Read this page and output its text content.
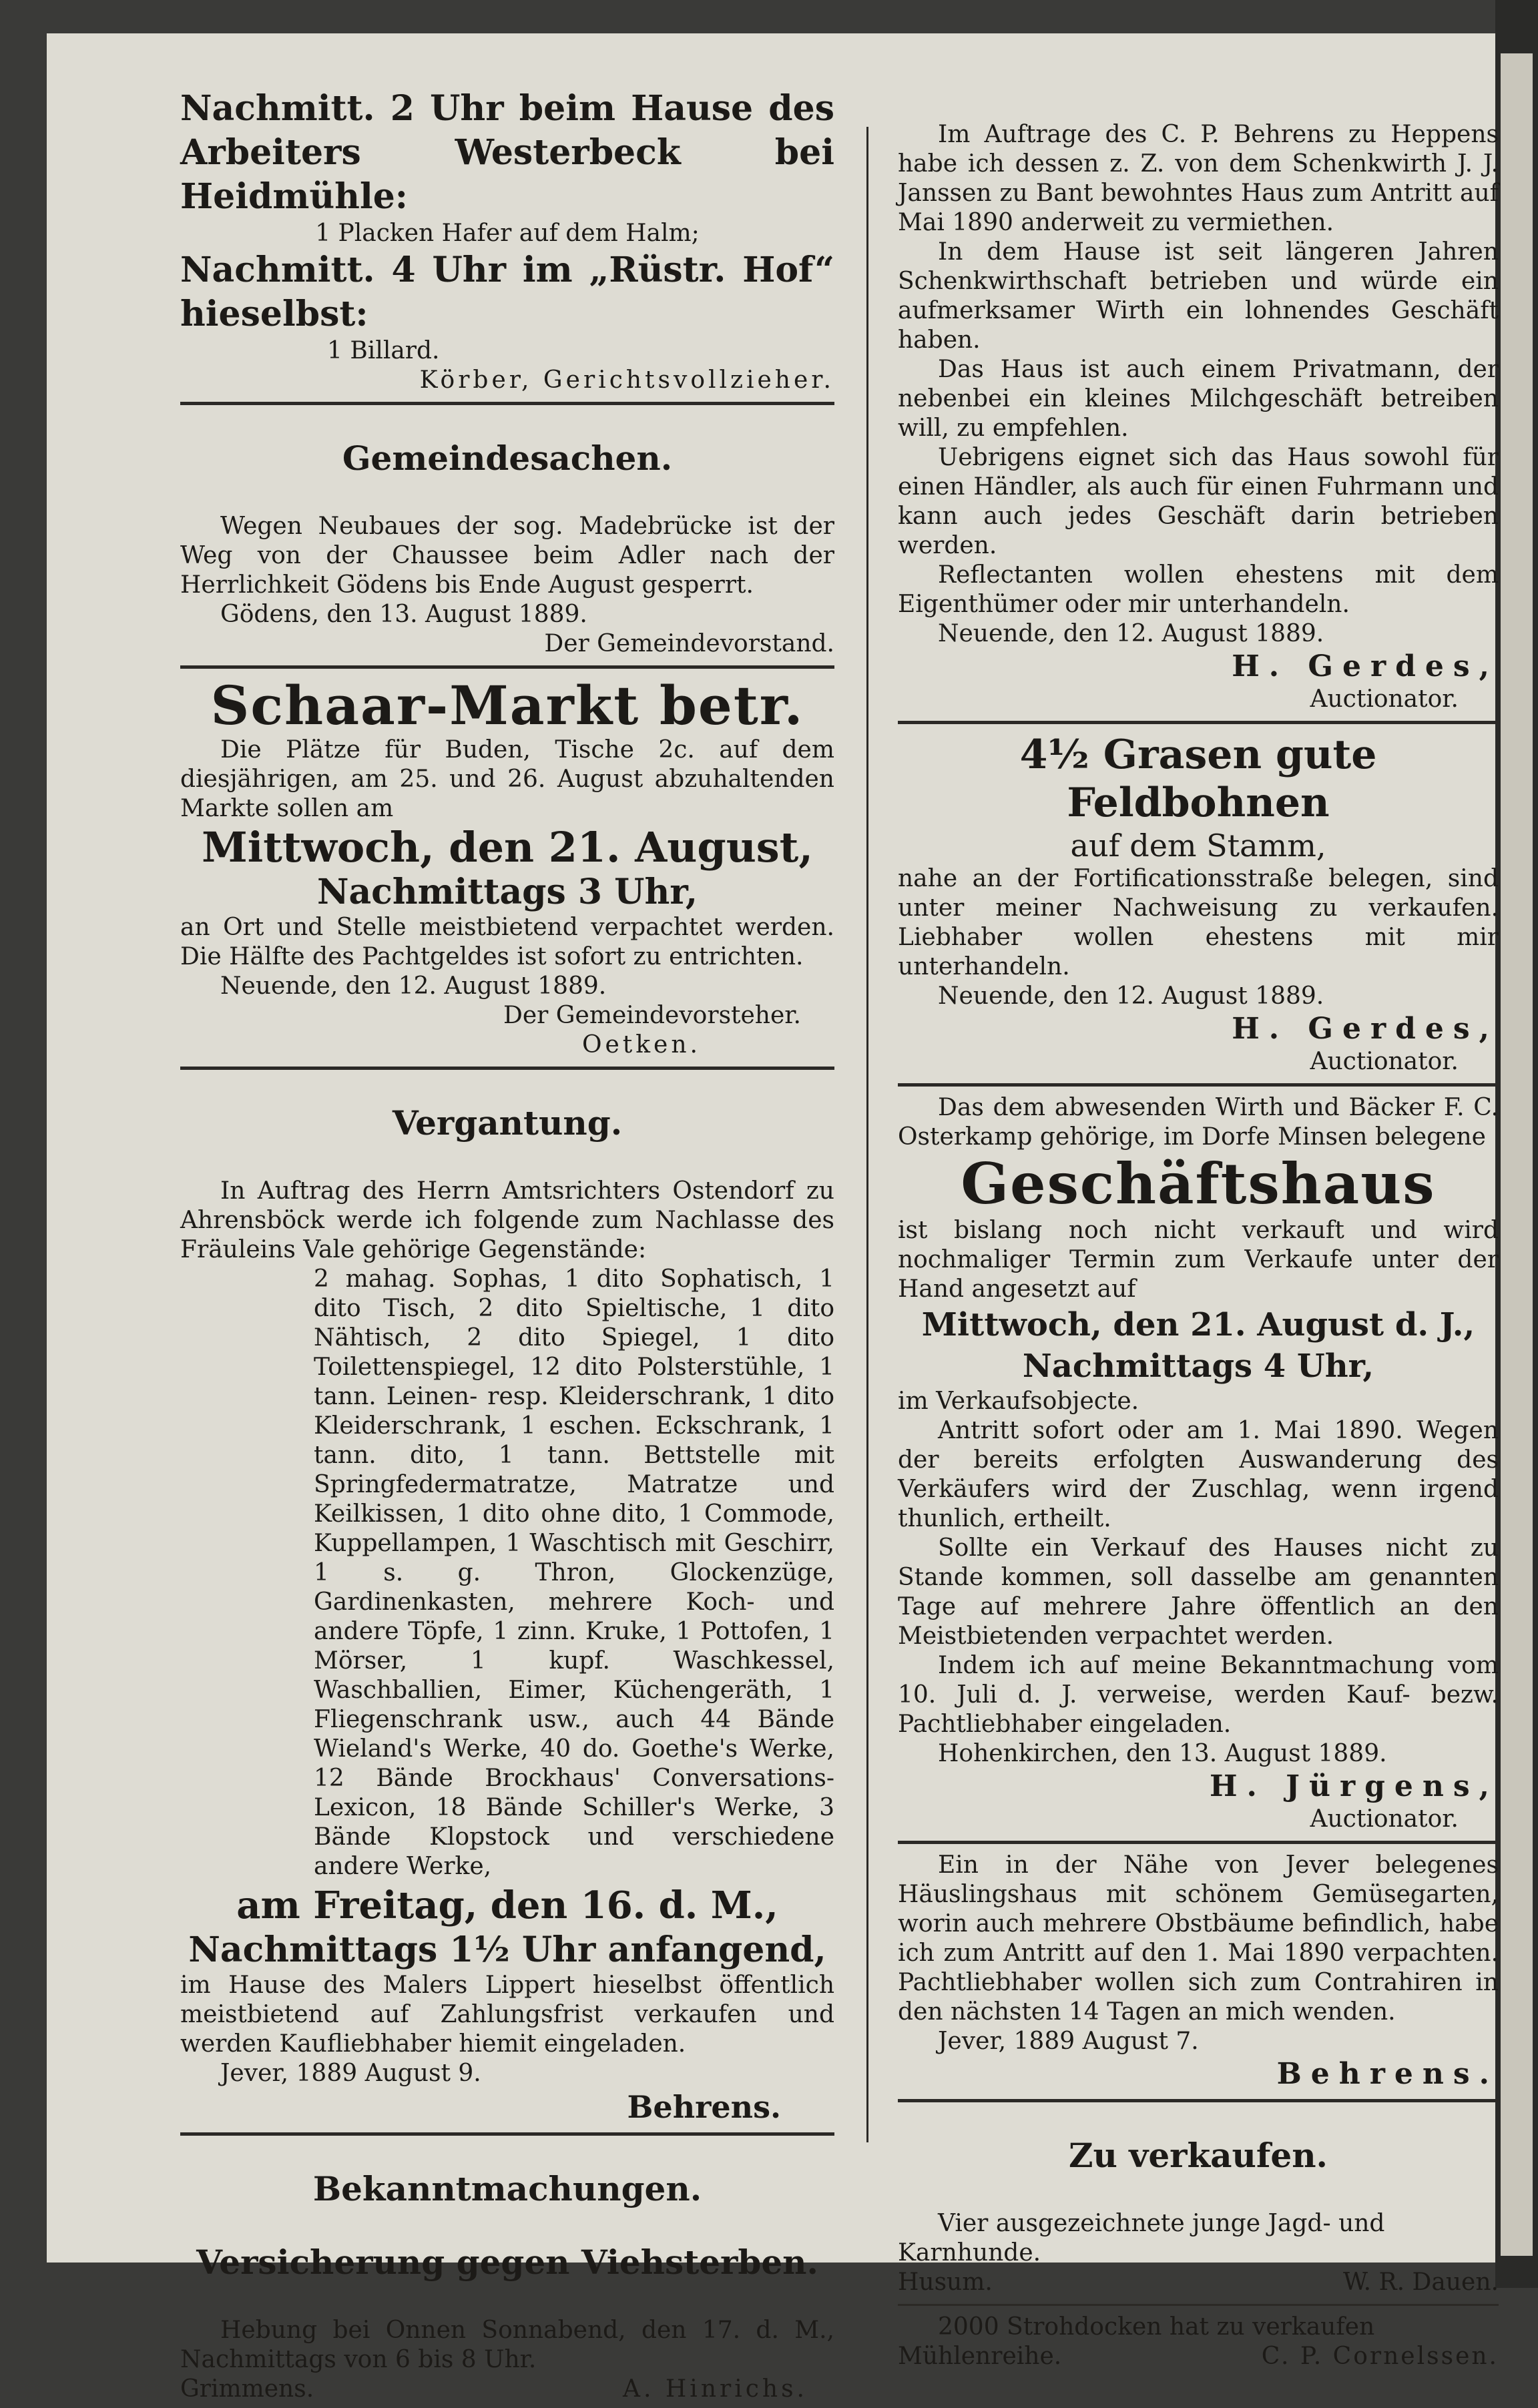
Nachmitt. 2 Uhr beim Hause des Arbeiters Westerbeck bei Heidmühle:

1 Placken Hafer auf dem Halm;

Nachmitt. 4 Uhr im „Rüstr. Hof“ hieselbst:

1 Billard.

Körber, Gerichtsvollzieher.

Gemeindesachen.

Wegen Neubaues der sog. Madebrücke ist der Weg von der Chaussee beim Adler nach der Herrlichkeit Gödens bis Ende August gesperrt.

Gödens, den 13. August 1889.

Der Gemeindevorstand.

Schaar-Markt betr.

Die Plätze für Buden, Tische 2c. auf dem diesjährigen, am 25. und 26. August abzuhaltenden Markte sollen am

Mittwoch, den 21. August,

Nachmittags 3 Uhr,

an Ort und Stelle meistbietend verpachtet werden. Die Hälfte des Pachtgeldes ist sofort zu entrichten.

Neuende, den 12. August 1889.

Der Gemeindevorsteher.

Oetken.

Vergantung.

In Auftrag des Herrn Amtsrichters Ostendorf zu Ahrensböck werde ich folgende zum Nachlasse des Fräuleins Vale gehörige Gegenstände:

2 mahag. Sophas, 1 dito Sophatisch, 1 dito Tisch, 2 dito Spieltische, 1 dito Nähtisch, 2 dito Spiegel, 1 dito Toilettenspiegel, 12 dito Polsterstühle, 1 tann. Leinen- resp. Kleiderschrank, 1 dito Kleiderschrank, 1 eschen. Eckschrank, 1 tann. dito, 1 tann. Bettstelle mit Springfedermatratze, Matratze und Keilkissen, 1 dito ohne dito, 1 Commode, Kuppellampen, 1 Waschtisch mit Geschirr, 1 s. g. Thron, Glockenzüge, Gardinenkasten, mehrere Koch- und andere Töpfe, 1 zinn. Kruke, 1 Pottofen, 1 Mörser, 1 kupf. Waschkessel, Waschballien, Eimer, Küchengeräth, 1 Fliegenschrank usw., auch 44 Bände Wieland's Werke, 40 do. Goethe's Werke, 12 Bände Brockhaus' Conversations-Lexicon, 18 Bände Schiller's Werke, 3 Bände Klopstock und verschiedene andere Werke,

am Freitag, den 16. d. M.,

Nachmittags 1½ Uhr anfangend,

im Hause des Malers Lippert hieselbst öffentlich meistbietend auf Zahlungsfrist verkaufen und werden Kaufliebhaber hiemit eingeladen.

Jever, 1889 August 9.

Behrens.

Bekanntmachungen.

Versicherung gegen Viehsterben.

Hebung bei Onnen Sonnabend, den 17. d. M., Nachmittags von 6 bis 8 Uhr.

Grimmens.	A. Hinrichs.

Im Auftrage des C. P. Behrens zu Heppens habe ich dessen z. Z. von dem Schenkwirth J. J. Janssen zu Bant bewohntes Haus zum Antritt auf Mai 1890 anderweit zu vermiethen.

In dem Hause ist seit längeren Jahren Schenkwirthschaft betrieben und würde ein aufmerksamer Wirth ein lohnendes Geschäft haben.

Das Haus ist auch einem Privatmann, der nebenbei ein kleines Milchgeschäft betreiben will, zu empfehlen.

Uebrigens eignet sich das Haus sowohl für einen Händler, als auch für einen Fuhrmann und kann auch jedes Geschäft darin betrieben werden.

Reflectanten wollen ehestens mit dem Eigenthümer oder mir unterhandeln.

Neuende, den 12. August 1889.

H. Gerdes,

Auctionator.

4½ Grasen gute Feldbohnen

auf dem Stamm,

nahe an der Fortificationsstraße belegen, sind unter meiner Nachweisung zu verkaufen. Liebhaber wollen ehestens mit mir unterhandeln.

Neuende, den 12. August 1889.

H. Gerdes,

Auctionator.

Das dem abwesenden Wirth und Bäcker F. C. Osterkamp gehörige, im Dorfe Minsen belegene

Geschäftshaus

ist bislang noch nicht verkauft und wird nochmaliger Termin zum Verkaufe unter der Hand angesetzt auf

Mittwoch, den 21. August d. J.,

Nachmittags 4 Uhr,

im Verkaufsobjecte.

Antritt sofort oder am 1. Mai 1890. Wegen der bereits erfolgten Auswanderung des Verkäufers wird der Zuschlag, wenn irgend thunlich, ertheilt.

Sollte ein Verkauf des Hauses nicht zu Stande kommen, soll dasselbe am genannten Tage auf mehrere Jahre öffentlich an den Meistbietenden verpachtet werden.

Indem ich auf meine Bekanntmachung vom 10. Juli d. J. verweise, werden Kauf- bezw. Pachtliebhaber eingeladen.

Hohenkirchen, den 13. August 1889.

H. Jürgens,

Auctionator.

Ein in der Nähe von Jever belegenes Häuslingshaus mit schönem Gemüsegarten, worin auch mehrere Obstbäume befindlich, habe ich zum Antritt auf den 1. Mai 1890 verpachten. Pachtliebhaber wollen sich zum Contrahiren in den nächsten 14 Tagen an mich wenden.

Jever, 1889 August 7.

Behrens.

Zu verkaufen.

Vier ausgezeichnete junge Jagd- und Karnhunde.

Husum.	W. R. Dauen.

2000 Strohdocken hat zu verkaufen

Mühlenreihe.	C. P. Cornelssen.
